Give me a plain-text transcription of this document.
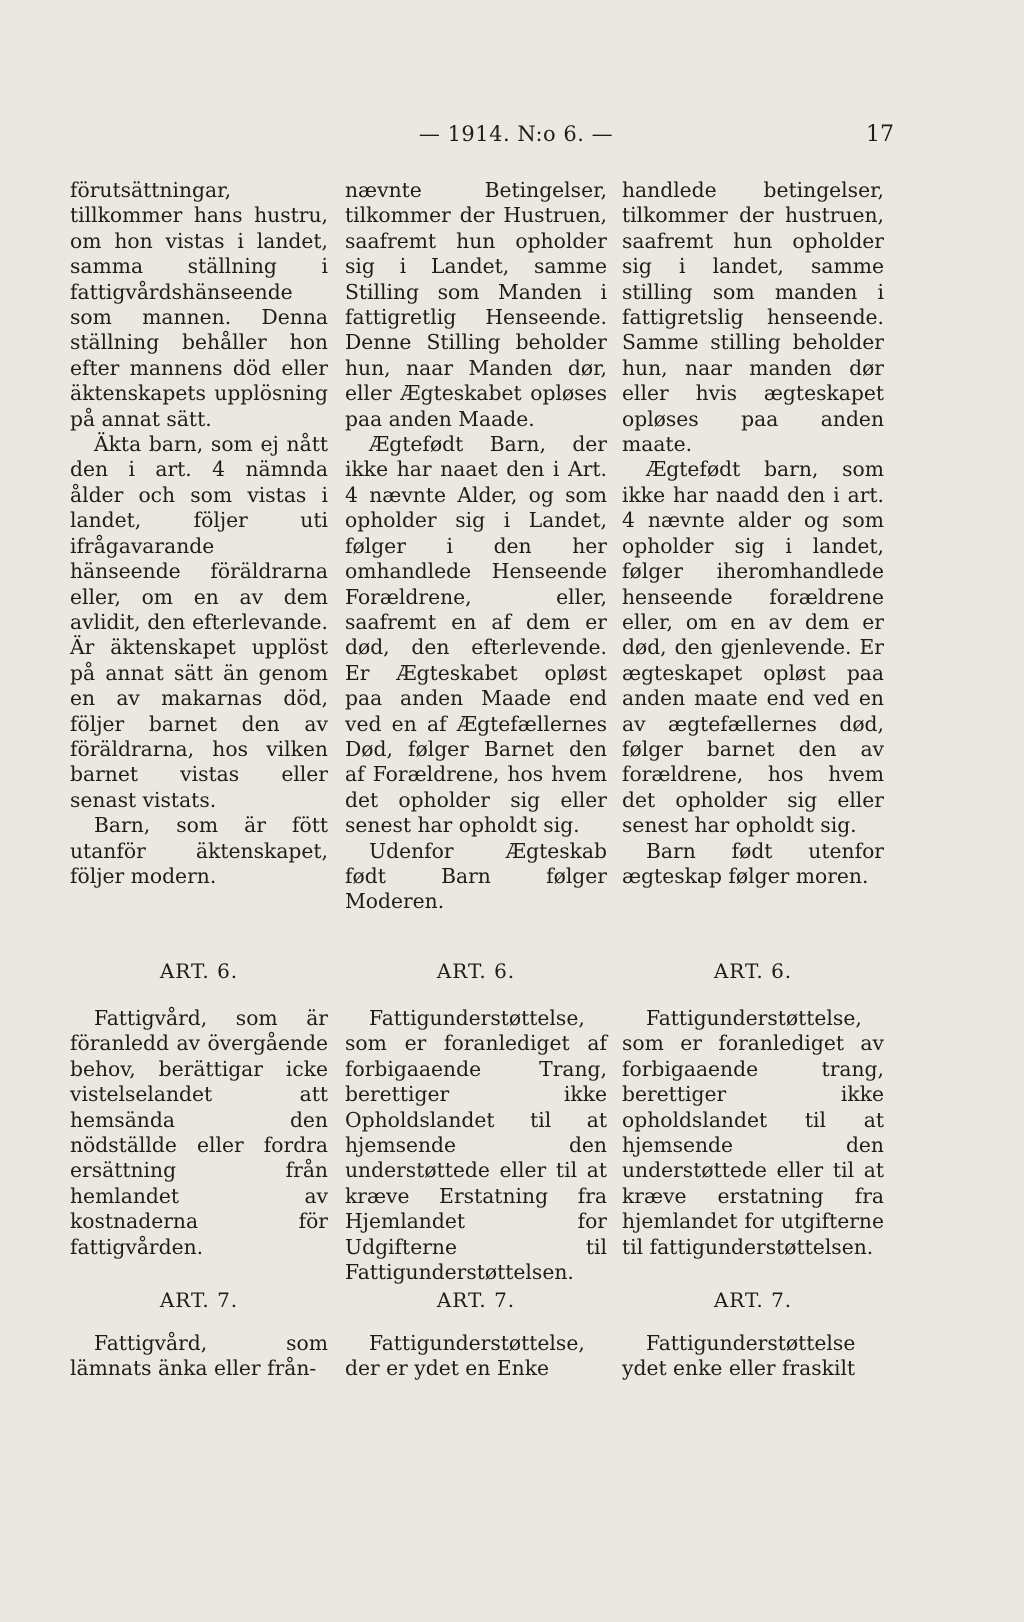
— 1914. N:o 6. —	17

förutsättningar, tillkommer hans hustru, om hon vistas i landet, samma ställning i fattigvårdshänseende som mannen. Denna ställning behåller hon efter mannens död eller äktenskapets upplösning på annat sätt.

Äkta barn, som ej nått den i art. 4 nämnda ålder och som vistas i landet, följer uti ifrågavarande hänseende föräldrarna eller, om en av dem avlidit, den efterlevande. Är äktenskapet upplöst på annat sätt än genom en av makarnas död, följer barnet den av föräldrarna, hos vilken barnet vistas eller senast vistats.

Barn, som är fött utanför äktenskapet, följer modern.

ART. 6.

Fattigvård, som är föranledd av övergående behov, berättigar icke vistelselandet att hemsända den nödställde eller fordra ersättning från hemlandet av kostnaderna för fattigvården.

ART. 7.

Fattigvård, som lämnats änka eller från-

nævnte Betingelser, tilkommer der Hustruen, saafremt hun opholder sig i Landet, samme Stilling som Manden i fattigretlig Henseende. Denne Stilling beholder hun, naar Manden dør, eller Ægteskabet opløses paa anden Maade.

Ægtefødt Barn, der ikke har naaet den i Art. 4 nævnte Alder, og som opholder sig i Landet, følger i den her omhandlede Henseende Forældrene, eller, saafremt en af dem er død, den efterlevende. Er Ægteskabet opløst paa anden Maade end ved en af Ægtefællernes Død, følger Barnet den af Forældrene, hos hvem det opholder sig eller senest har opholdt sig.

Udenfor Ægteskab født Barn følger Moderen.

ART. 6.

Fattigunderstøttelse, som er foranlediget af forbigaaende Trang, berettiger ikke Opholdslandet til at hjemsende den understøttede eller til at kræve Erstatning fra Hjemlandet for Udgifterne til Fattigunderstøttelsen.

ART. 7.

Fattigunderstøttelse, der er ydet en Enke

handlede betingelser, tilkommer der hustruen, saafremt hun opholder sig i landet, samme stilling som manden i fattigretslig henseende. Samme stilling beholder hun, naar manden dør eller hvis ægteskapet opløses paa anden maate.

Ægtefødt barn, som ikke har naadd den i art. 4 nævnte alder og som opholder sig i landet, følger iheromhandlede henseende forældrene eller, om en av dem er død, den gjenlevende. Er ægteskapet opløst paa anden maate end ved en av ægtefællernes død, følger barnet den av forældrene, hos hvem det opholder sig eller senest har opholdt sig.

Barn født utenfor ægteskap følger moren.

ART. 6.

Fattigunderstøttelse, som er foranlediget av forbigaaende trang, berettiger ikke opholdslandet til at hjemsende den understøttede eller til at kræve erstatning fra hjemlandet for utgifterne til fattigunderstøttelsen.

ART. 7.

Fattigunderstøttelse ydet enke eller fraskilt
